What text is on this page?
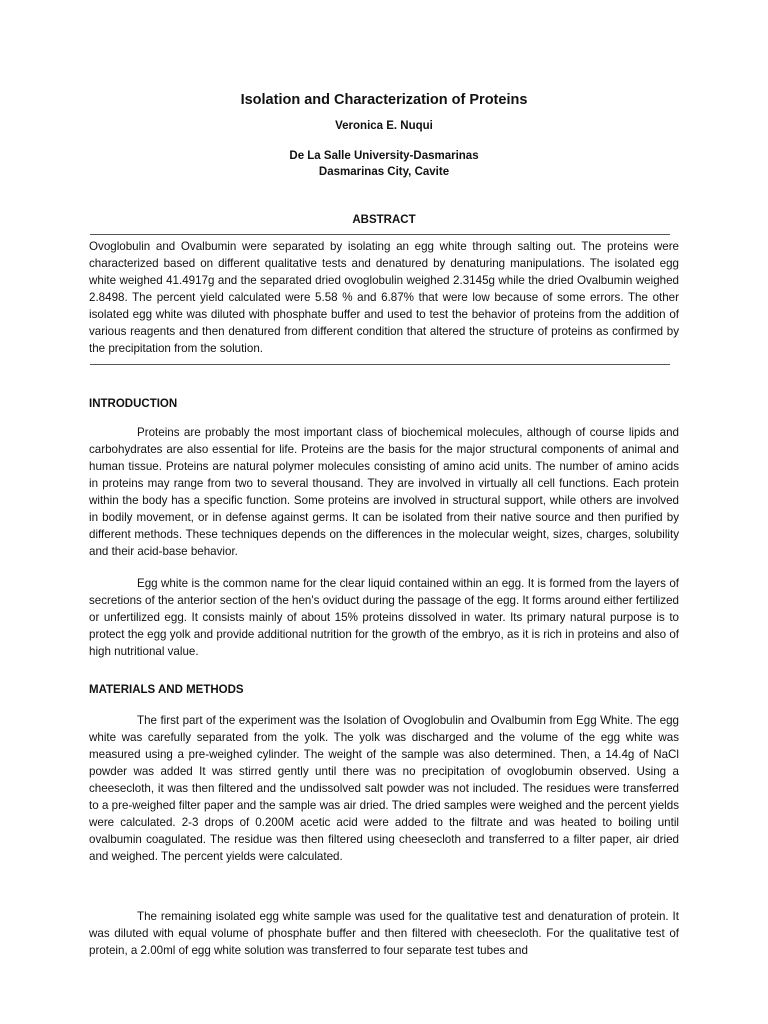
Isolation and Characterization of Proteins
Veronica E. Nuqui
De La Salle University-Dasmarinas
Dasmarinas City, Cavite
ABSTRACT
Ovoglobulin and Ovalbumin were separated by isolating an egg white through salting out. The proteins were characterized based on different qualitative tests and denatured by denaturing manipulations. The isolated egg white weighed 41.4917g and the separated dried ovoglobulin weighed 2.3145g while the dried Ovalbumin weighed 2.8498. The percent yield calculated were 5.58 % and 6.87% that were low because of some errors. The other isolated egg white was diluted with phosphate buffer and used to test the behavior of proteins from the addition of various reagents and then denatured from different condition that altered the structure of proteins as confirmed by the precipitation from the solution.
INTRODUCTION
Proteins are probably the most important class of biochemical molecules, although of course lipids and carbohydrates are also essential for life. Proteins are the basis for the major structural components of animal and human tissue. Proteins are natural polymer molecules consisting of amino acid units. The number of amino acids in proteins may range from two to several thousand. They are involved in virtually all cell functions. Each protein within the body has a specific function. Some proteins are involved in structural support, while others are involved in bodily movement, or in defense against germs. It can be isolated from their native source and then purified by different methods. These techniques depends on the differences in the molecular weight, sizes, charges, solubility and their acid-base behavior.
Egg white is the common name for the clear liquid contained within an egg. It is formed from the layers of secretions of the anterior section of the hen's oviduct during the passage of the egg. It forms around either fertilized or unfertilized egg. It consists mainly of about 15% proteins dissolved in water. Its primary natural purpose is to protect the egg yolk and provide additional nutrition for the growth of the embryo, as it is rich in proteins and also of high nutritional value.
MATERIALS AND METHODS
The first part of the experiment was the Isolation of Ovoglobulin and Ovalbumin from Egg White. The egg white was carefully separated from the yolk. The yolk was discharged and the volume of the egg white was measured using a pre-weighed cylinder. The weight of the sample was also determined. Then, a 14.4g of NaCl powder was added It was stirred gently until there was no precipitation of ovoglobumin observed. Using a cheesecloth, it was then filtered and the undissolved salt powder was not included. The residues were transferred to a pre-weighed filter paper and the sample was air dried. The dried samples were weighed and the percent yields were calculated. 2-3 drops of 0.200M acetic acid were added to the filtrate and was heated to boiling until ovalbumin coagulated. The residue was then filtered using cheesecloth and transferred to a filter paper, air dried and weighed. The percent yields were calculated.
The remaining isolated egg white sample was used for the qualitative test and denaturation of protein. It was diluted with equal volume of phosphate buffer and then filtered with cheesecloth. For the qualitative test of protein, a 2.00ml of egg white solution was transferred to four separate test tubes and
